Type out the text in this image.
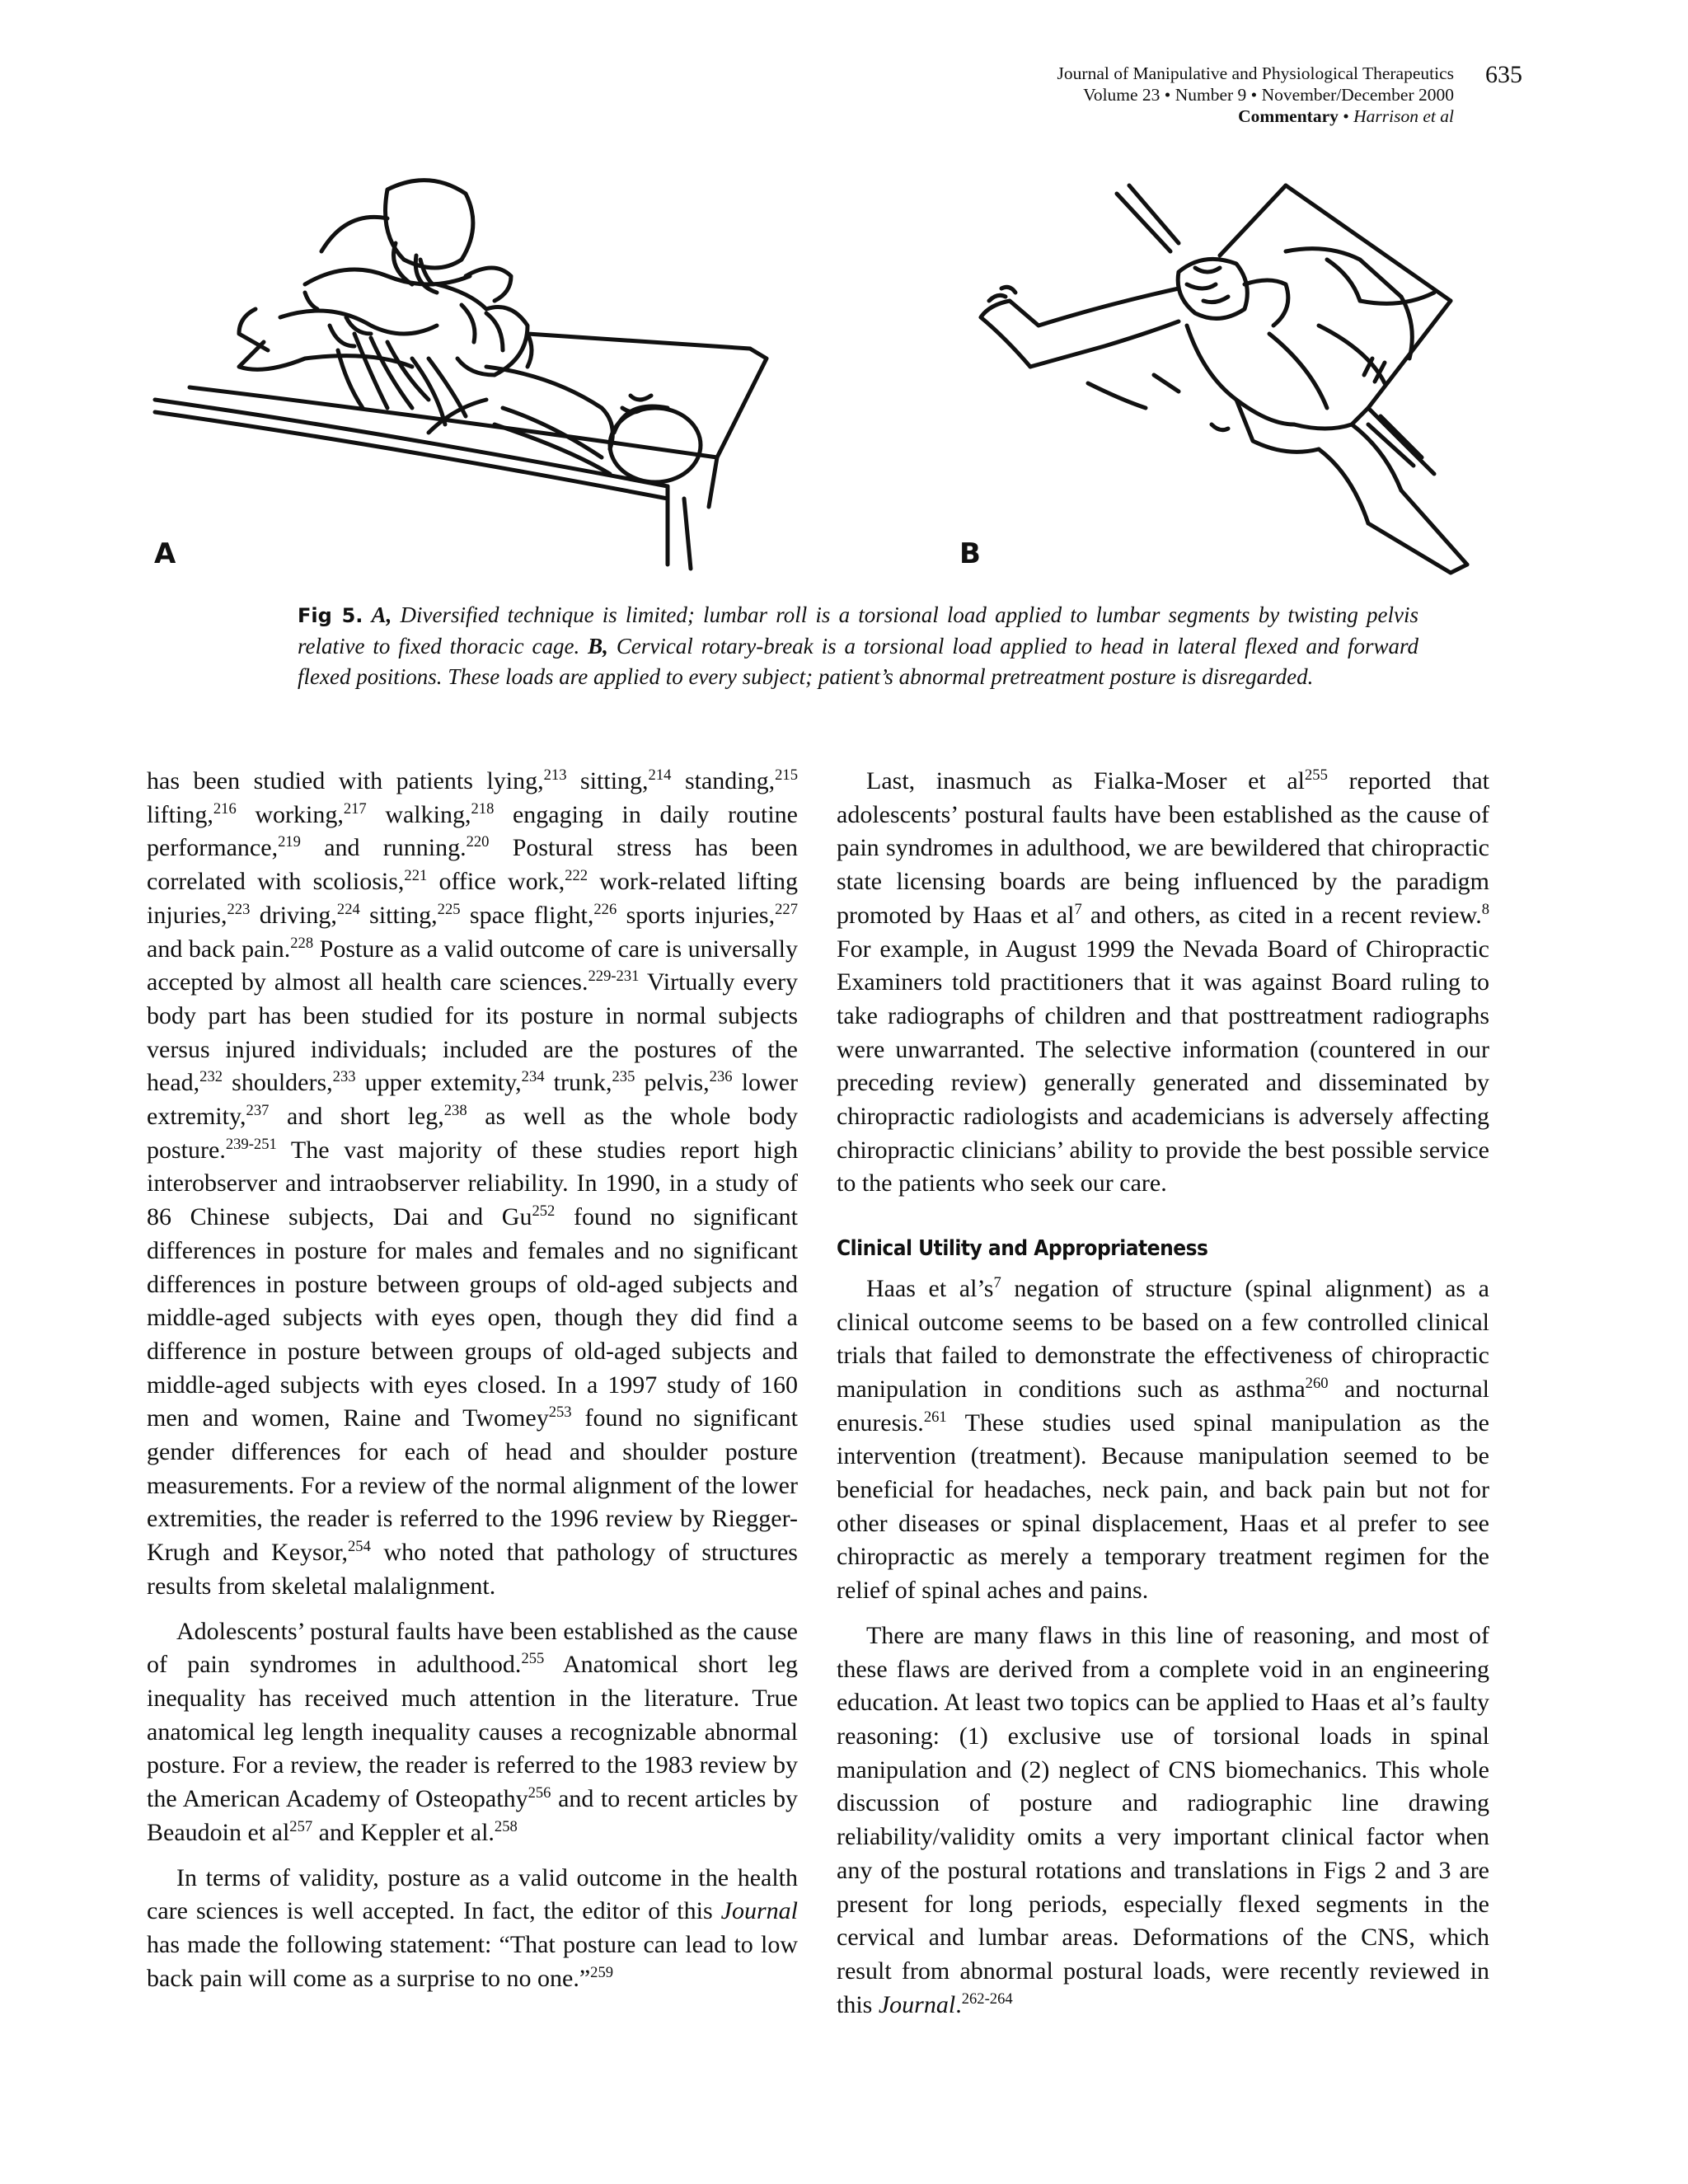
Journal of Manipulative and Physiological Therapeutics
Volume 23 • Number 9 • November/December 2000
Commentary • Harrison et al
635
A	B
Fig 5. A, Diversified technique is limited; lumbar roll is a torsional load applied to lumbar segments by twisting pelvis relative to fixed thoracic cage. B, Cervical rotary-break is a torsional load applied to head in lateral flexed and forward flexed positions. These loads are applied to every subject; patient’s abnormal pretreatment posture is disregarded.

has been studied with patients lying,$^{213}$ sitting,$^{214}$ standing,$^{215}$ lifting,$^{216}$ working,$^{217}$ walking,$^{218}$ engaging in daily routine performance,$^{219}$ and running.$^{220}$ Postural stress has been correlated with scoliosis,$^{221}$ office work,$^{222}$ work-related lifting injuries,$^{223}$ driving,$^{224}$ sitting,$^{225}$ space flight,$^{226}$ sports injuries,$^{227}$ and back pain.$^{228}$ Posture as a valid outcome of care is universally accepted by almost all health care sciences.$^{229-231}$ Virtually every body part has been studied for its posture in normal subjects versus injured individuals; included are the postures of the head,$^{232}$ shoulders,$^{233}$ upper extemity,$^{234}$ trunk,$^{235}$ pelvis,$^{236}$ lower extremity,$^{237}$ and short leg,$^{238}$ as well as the whole body posture.$^{239-251}$ The vast majority of these studies report high interobserver and intraobserver reliability. In 1990, in a study of 86 Chinese subjects, Dai and Gu$^{252}$ found no significant differences in posture for males and females and no significant differences in posture between groups of old-aged subjects and middle-aged subjects with eyes open, though they did find a difference in posture between groups of old-aged subjects and middle-aged subjects with eyes closed. In a 1997 study of 160 men and women, Raine and Twomey$^{253}$ found no significant gender differences for each of head and shoulder posture measurements. For a review of the normal alignment of the lower extremities, the reader is referred to the 1996 review by Riegger-Krugh and Keysor,$^{254}$ who noted that pathology of structures results from skeletal malalignment.

Adolescents’ postural faults have been established as the cause of pain syndromes in adulthood.$^{255}$ Anatomical short leg inequality has received much attention in the literature. True anatomical leg length inequality causes a recognizable abnormal posture. For a review, the reader is referred to the 1983 review by the American Academy of Osteopathy$^{256}$ and to recent articles by Beaudoin et $al^{257}$ and Keppler et al.$^{258}$

In terms of validity, posture as a valid outcome in the health care sciences is well accepted. In fact, the editor of this Journal has made the following statement: “That posture can lead to low back pain will come as a surprise to no one.”$^{259}$

Last, inasmuch as Fialka-Moser et $al^{255}$ reported that adolescents’ postural faults have been established as the cause of pain syndromes in adulthood, we are bewildered that chiropractic state licensing boards are being influenced by the paradigm promoted by Haas et $al^7$ and others, as cited in a recent review.$^8$ For example, in August 1999 the Nevada Board of Chiropractic Examiners told practitioners that it was against Board ruling to take radiographs of children and that posttreatment radiographs were unwarranted. The selective information (countered in our preceding review) generally generated and disseminated by chiropractic radiologists and academicians is adversely affecting chiropractic clinicians’ ability to provide the best possible service to the patients who seek our care.

Clinical Utility and Appropriateness

Haas et $al’s^7$ negation of structure (spinal alignment) as a clinical outcome seems to be based on a few controlled clinical trials that failed to demonstrate the effectiveness of chiropractic manipulation in conditions such as asthma$^{260}$ and nocturnal enuresis.$^{261}$ These studies used spinal manipulation as the intervention (treatment). Because manipulation seemed to be beneficial for headaches, neck pain, and back pain but not for other diseases or spinal displacement, Haas et al prefer to see chiropractic as merely a temporary treatment regimen for the relief of spinal aches and pains.

There are many flaws in this line of reasoning, and most of these flaws are derived from a complete void in an engineering education. At least two topics can be applied to Haas et al’s faulty reasoning: (1) exclusive use of torsional loads in spinal manipulation and (2) neglect of CNS biomechanics. This whole discussion of posture and radiographic line drawing reliability/validity omits a very important clinical factor when any of the postural rotations and translations in Figs 2 and 3 are present for long periods, especially flexed segments in the cervical and lumbar areas. Deformations of the CNS, which result from abnormal postural loads, were recently reviewed in this Journal.$^{262-264}$
